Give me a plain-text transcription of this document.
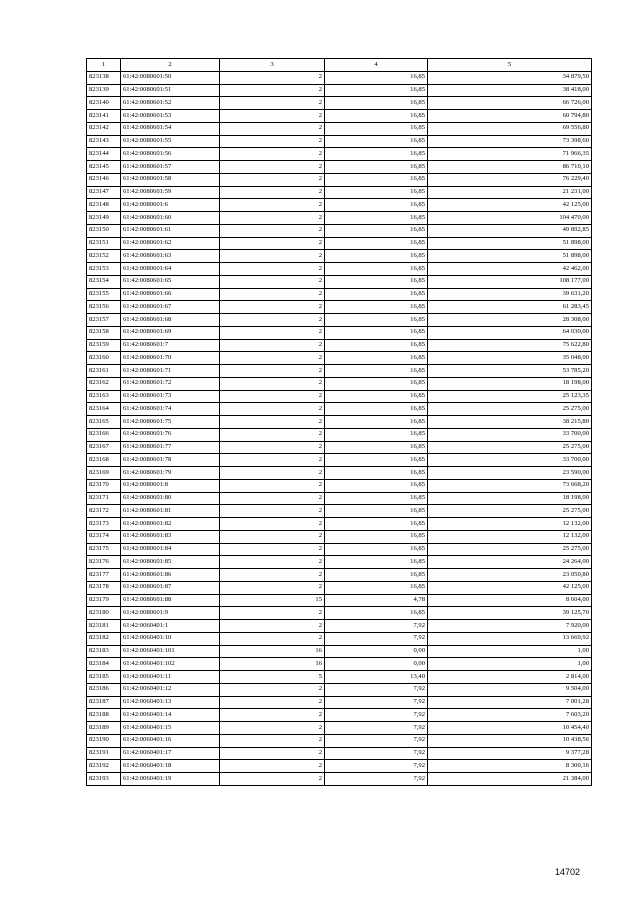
1	2	3	4	5
823138	61:42:0080601:50	2	16,85	34 879,50
823139	61:42:0080601:51	2	16,85	38 418,00
823140	61:42:0080601:52	2	16,85	66 726,00
823141	61:42:0080601:53	2	16,85	60 794,80
823142	61:42:0080601:54	2	16,85	69 556,80
823143	61:42:0080601:55	2	16,85	73 398,60
823144	61:42:0080601:56	2	16,85	71 966,35
823145	61:42:0080601:57	2	16,85	86 710,10
823146	61:42:0080601:58	2	16,85	76 229,40
823147	61:42:0080601:59	2	16,85	21 231,00
823148	61:42:0080601:6	2	16,85	42 125,00
823149	61:42:0080601:60	2	16,85	104 470,00
823150	61:42:0080601:61	2	16,85	49 892,85
823151	61:42:0080601:62	2	16,85	51 898,00
823152	61:42:0080601:63	2	16,85	51 898,00
823153	61:42:0080601:64	2	16,85	42 462,00
823154	61:42:0080601:65	2	16,85	108 177,00
823155	61:42:0080601:66	2	16,85	39 631,20
823156	61:42:0080601:67	2	16,85	61 283,45
823157	61:42:0080601:68	2	16,85	28 308,00
823158	61:42:0080601:69	2	16,85	64 030,00
823159	61:42:0080601:7	2	16,85	75 622,80
823160	61:42:0080601:70	2	16,85	35 048,00
823161	61:42:0080601:71	2	16,85	53 785,20
823162	61:42:0080601:72	2	16,85	18 198,00
823163	61:42:0080601:73	2	16,85	25 123,35
823164	61:42:0080601:74	2	16,85	25 275,00
823165	61:42:0080601:75	2	16,85	38 215,80
823166	61:42:0080601:76	2	16,85	33 700,00
823167	61:42:0080601:77	2	16,85	25 275,00
823168	61:42:0080601:78	2	16,85	33 700,00
823169	61:42:0080601:79	2	16,85	23 590,00
823170	61:42:0080601:8	2	16,85	73 668,20
823171	61:42:0080601:80	2	16,85	18 198,00
823172	61:42:0080601:81	2	16,85	25 275,00
823173	61:42:0080601:82	2	16,85	12 132,00
823174	61:42:0080601:83	2	16,85	12 132,00
823175	61:42:0080601:84	2	16,85	25 275,00
823176	61:42:0080601:85	2	16,85	24 264,00
823177	61:42:0080601:86	2	16,85	23 050,80
823178	61:42:0080601:87	2	16,85	42 125,00
823179	61:42:0080601:88	15	4,78	8 604,00
823180	61:42:0080601:9	2	16,85	39 125,70
823181	61:42:0060401:1	2	7,92	7 920,00
823182	61:42:0060401:10	2	7,92	13 669,92
823183	61:42:0060401:101	16	0,00	1,00
823184	61:42:0060401:102	16	0,00	1,00
823185	61:42:0060401:11	5	13,40	2 814,00
823186	61:42:0060401:12	2	7,92	9 504,00
823187	61:42:0060401:13	2	7,92	7 001,28
823188	61:42:0060401:14	2	7,92	7 603,20
823189	61:42:0060401:15	2	7,92	10 454,40
823190	61:42:0060401:16	2	7,92	10 438,56
823191	61:42:0060401:17	2	7,92	9 377,28
823192	61:42:0060401:18	2	7,92	8 300,16
823193	61:42:0060401:19	2	7,92	21 384,00
14702
